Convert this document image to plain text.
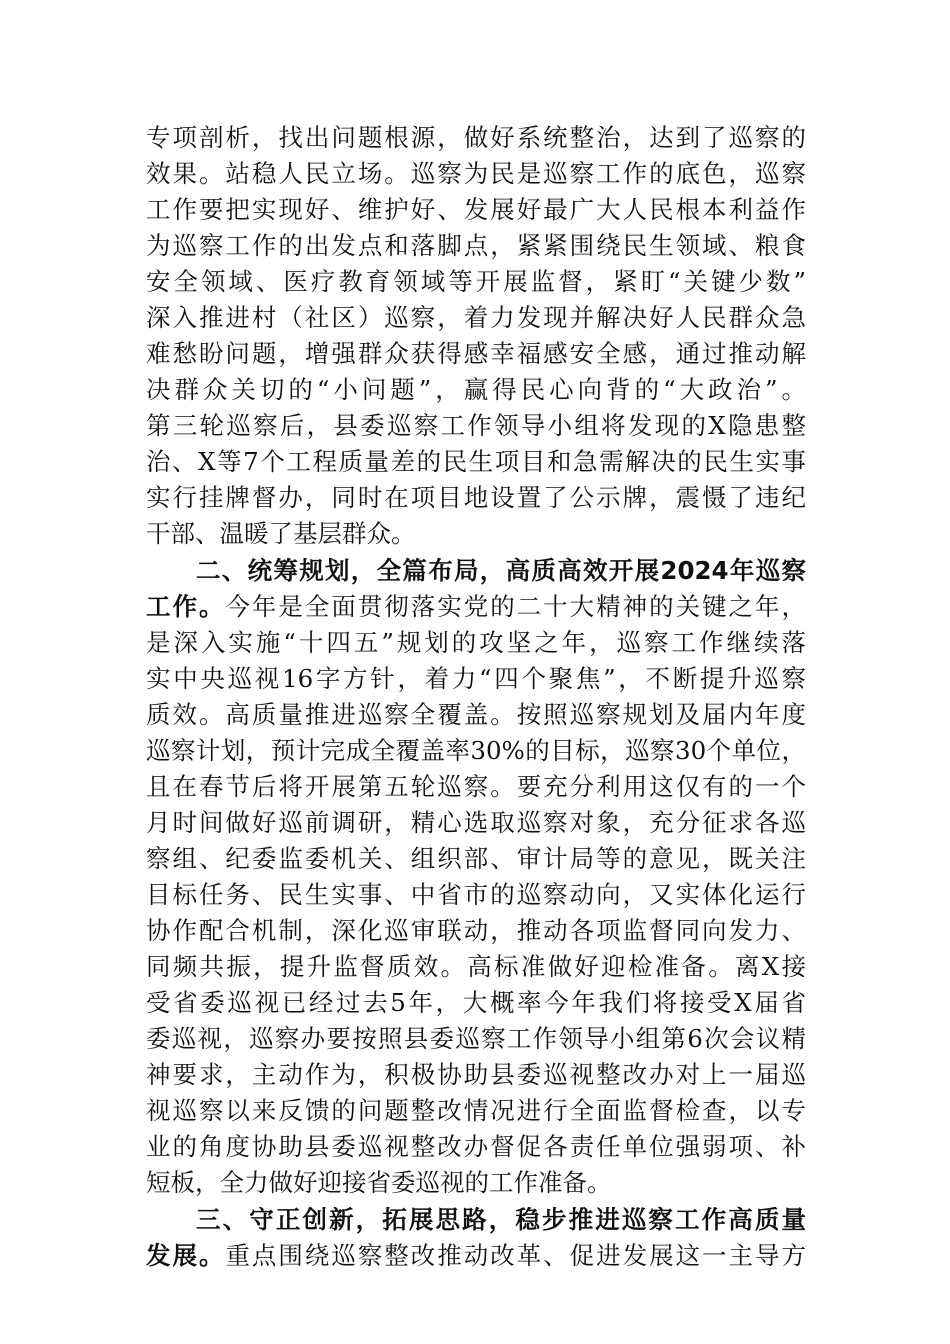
专项剖析，找出问题根源，做好系统整治，达到了巡察的
效果。站稳人民立场。巡察为民是巡察工作的底色，巡察
工作要把实现好、维护好、发展好最广大人民根本利益作
为巡察工作的出发点和落脚点，紧紧围绕民生领域、粮食
安全领域、医疗教育领域等开展监督，紧盯“关键少数”
深入推进村（社区）巡察，着力发现并解决好人民群众急
难愁盼问题，增强群众获得感幸福感安全感，通过推动解
决群众关切的“小问题”，赢得民心向背的“大政治”。
第三轮巡察后，县委巡察工作领导小组将发现的X隐患整
治、X等7个工程质量差的民生项目和急需解决的民生实事
实行挂牌督办，同时在项目地设置了公示牌，震慑了违纪
干部、温暖了基层群众。
二、统筹规划，全篇布局，高质高效开展2024年巡察
工作。今年是全面贯彻落实党的二十大精神的关键之年，
是深入实施“十四五”规划的攻坚之年，巡察工作继续落
实中央巡视16字方针，着力“四个聚焦”，不断提升巡察
质效。高质量推进巡察全覆盖。按照巡察规划及届内年度
巡察计划，预计完成全覆盖率30%的目标，巡察30个单位，
且在春节后将开展第五轮巡察。要充分利用这仅有的一个
月时间做好巡前调研，精心选取巡察对象，充分征求各巡
察组、纪委监委机关、组织部、审计局等的意见，既关注
目标任务、民生实事、中省市的巡察动向，又实体化运行
协作配合机制，深化巡审联动，推动各项监督同向发力、
同频共振，提升监督质效。高标准做好迎检准备。离X接
受省委巡视已经过去5年，大概率今年我们将接受X届省
委巡视，巡察办要按照县委巡察工作领导小组第6次会议精
神要求，主动作为，积极协助县委巡视整改办对上一届巡
视巡察以来反馈的问题整改情况进行全面监督检查，以专
业的角度协助县委巡视整改办督促各责任单位强弱项、补
短板，全力做好迎接省委巡视的工作准备。
三、守正创新，拓展思路，稳步推进巡察工作高质量
发展。重点围绕巡察整改推动改革、促进发展这一主导方
